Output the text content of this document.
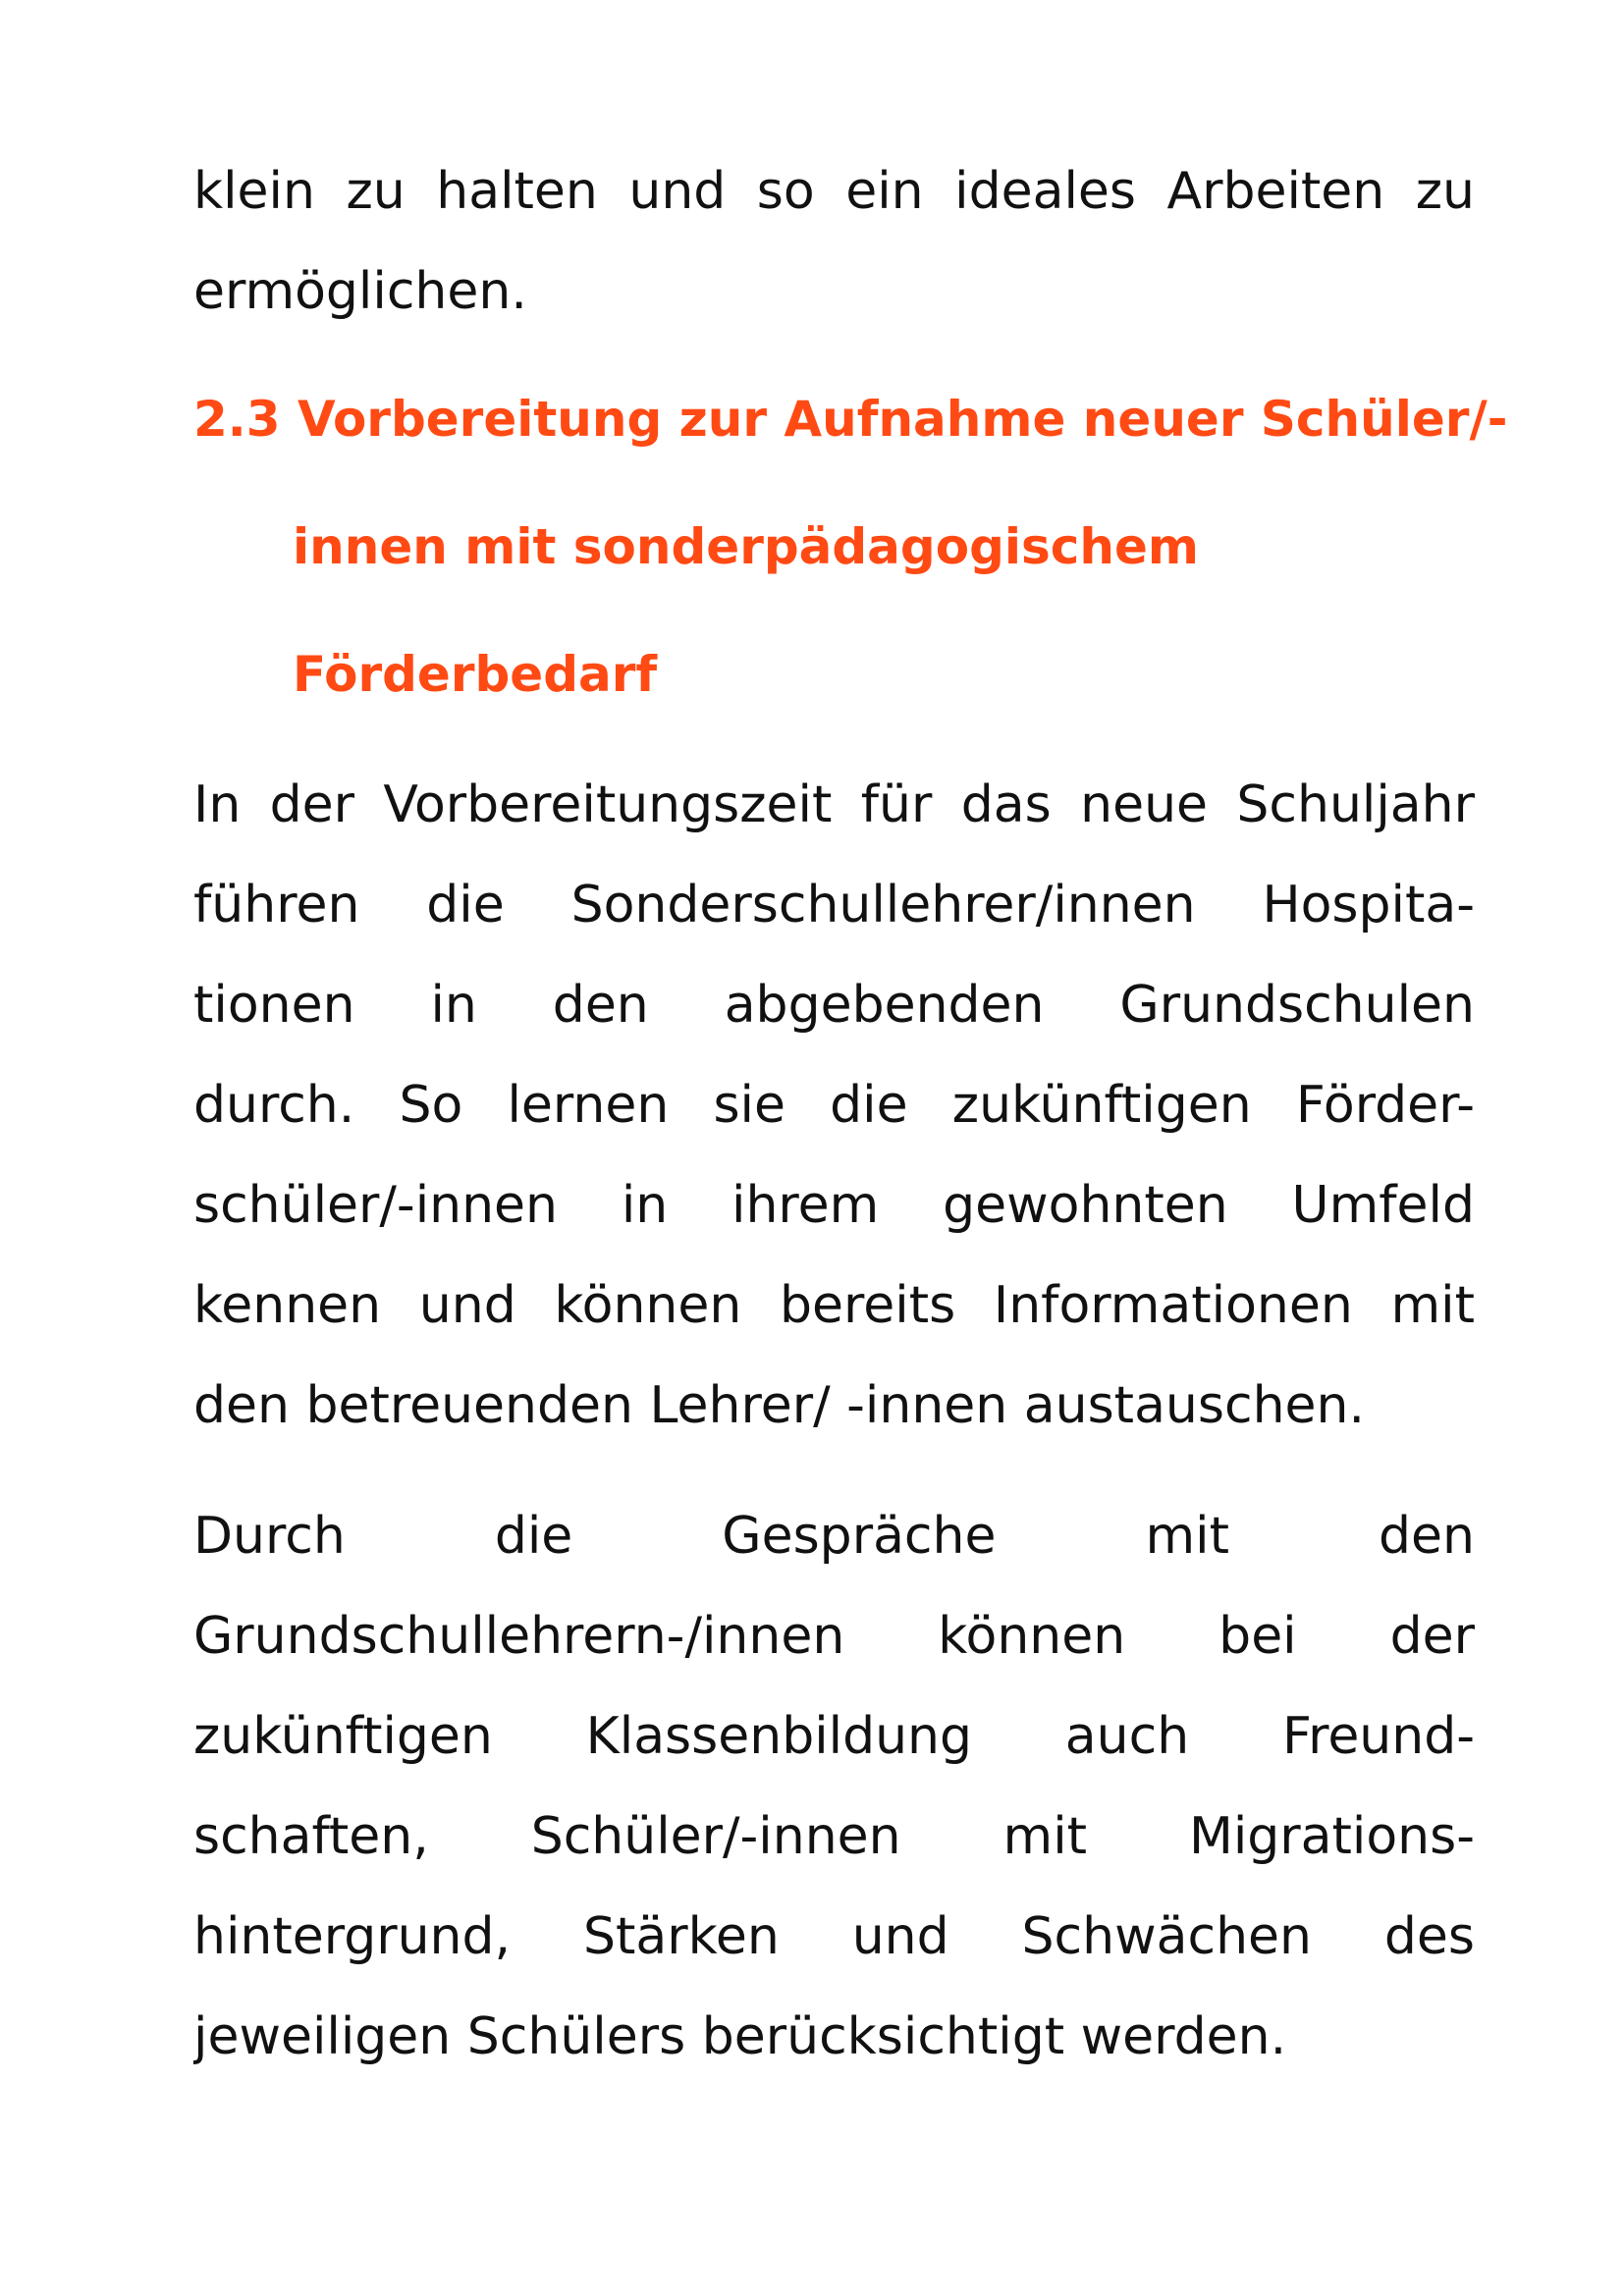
klein zu halten und so ein ideales Arbeiten zu
ermöglichen.
2.3 Vorbereitung zur Aufnahme neuer Schüler/-
innen mit sonderpädagogischem
Förderbedarf
In der Vorbereitungszeit für das neue Schuljahr
führen die Sonderschullehrer/innen Hospita-
tionen in den abgebenden Grundschulen
durch. So lernen sie die zukünftigen Förder-
schüler/-innen in ihrem gewohnten Umfeld
kennen und können bereits Informationen mit
den betreuenden Lehrer/ -innen austauschen.
Durch die Gespräche mit den
Grundschullehrern-/innen können bei der
zukünftigen Klassenbildung auch Freund-
schaften, Schüler/-innen mit Migrations-
hintergrund, Stärken und Schwächen des
jeweiligen Schülers berücksichtigt werden.
